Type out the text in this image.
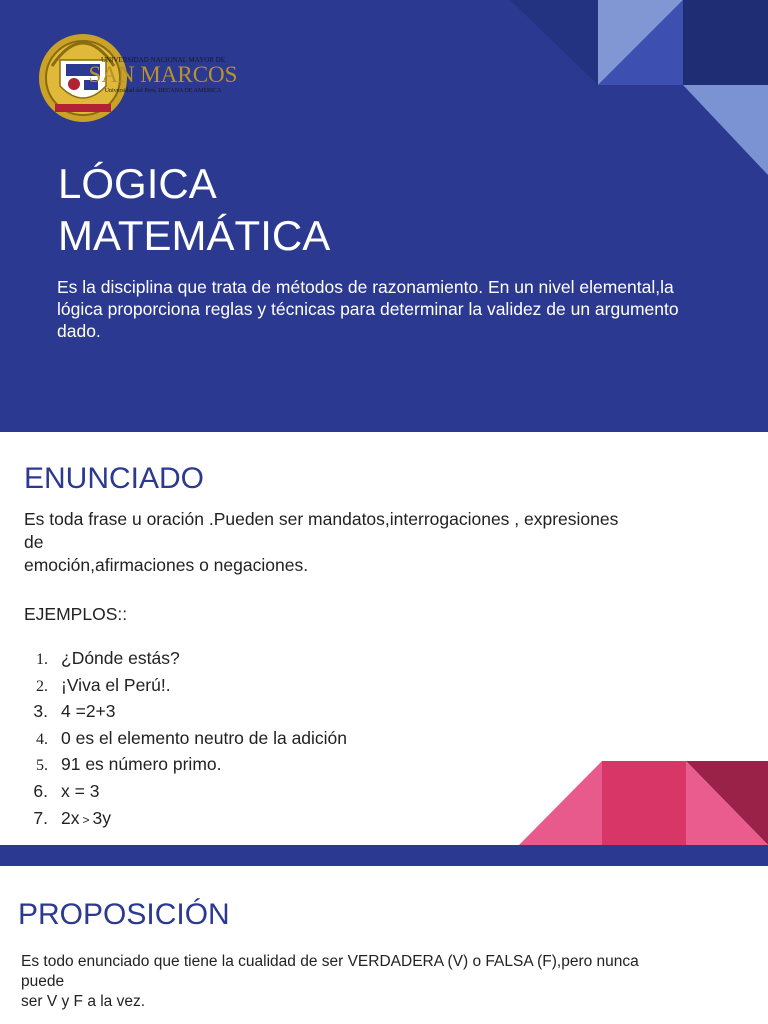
UNIVERSIDAD NACIONAL MAYOR DE
SAN MARCOS
Universidad del Perú, DECANA DE AMÉRICA
LÓGICA
MATEMÁTICA

Es la disciplina que trata de métodos de razonamiento. En un nivel elemental,la lógica proporciona reglas y técnicas para determinar la validez de un argumento dado.

ENUNCIADO
Es toda frase u oración .Pueden ser mandatos,interrogaciones , expresiones
de
emoción,afirmaciones o negaciones.

EJEMPLOS::

1. ¿Dónde estás?
2. ¡Viva el Perú!.
3. 4 =2+3
4. 0 es el elemento neutro de la adición
5. 91 es número primo.
6. x = 3
7. 2x > 3y
PROPOSICIÓN
Es todo enunciado que tiene la cualidad de ser VERDADERA (V) o FALSA (F),pero nunca
puede
ser V y F a la vez.
